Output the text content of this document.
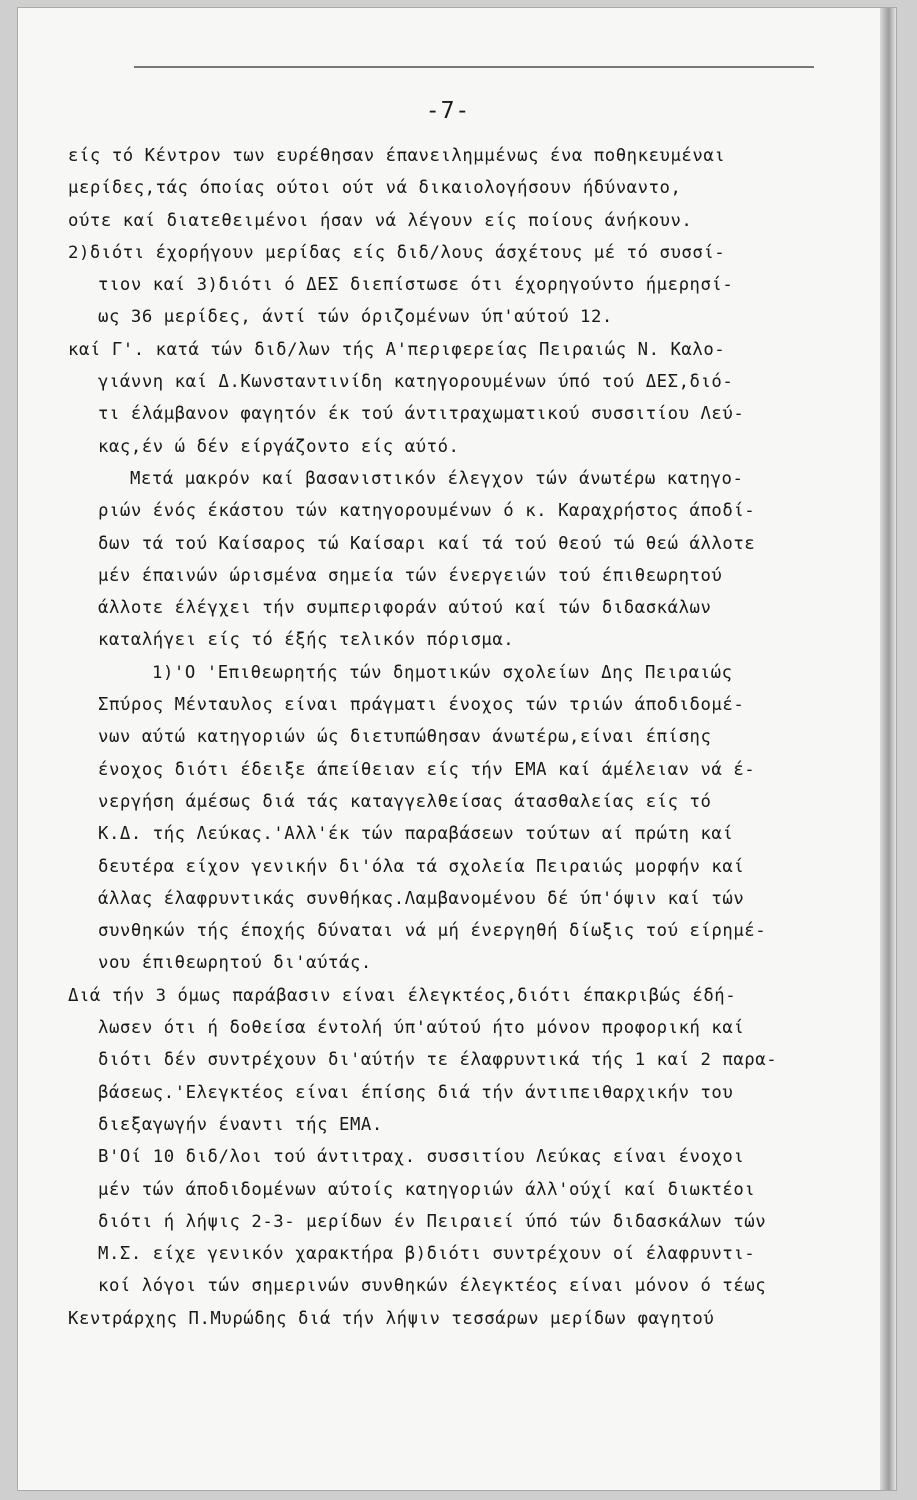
-7-
είς τό Κέντρον των ευρέθησαν έπανειλημμένως ένα ποθηκευμέναι
μερίδες,τάς όποίας ούτοι ούτ νά δικαιολογήσουν ήδύναντο,
ούτε καί διατεθειμένοι ήσαν νά λέγουν είς ποίους άνήκουν.
2)διότι έχορήγουν μερίδας είς διδ/λους άσχέτους μέ τό συσσί-
τιον καί 3)διότι ό ΔΕΣ διεπίστωσε ότι έχορηγούντο ήμερησί-
ως 36 μερίδες, άντί τών όριζομένων ύπ'αύτού 12.
καί Γ'. κατά τών διδ/λων τής Α'περιφερείας Πειραιώς Ν. Καλο-
γιάννη καί Δ.Κωνσταντινίδη κατηγορουμένων ύπό τού ΔΕΣ,διό-
τι έλάμβανον φαγητόν έκ τού άντιτραχωματικού συσσιτίου Λεύ-
κας,έν ώ δέν είργάζοντο είς αύτό.
Μετά μακρόν καί βασανιστικόν έλεγχον τών άνωτέρω κατηγο-
ριών ένός έκάστου τών κατηγορουμένων ό κ. Καραχρήστος άποδί-
δων τά τού Καίσαρος τώ Καίσαρι καί τά τού θεού τώ θεώ άλλοτε
μέν έπαινών ώρισμένα σημεία τών ένεργειών τού έπιθεωρητού
άλλοτε έλέγχει τήν συμπεριφοράν αύτού καί τών διδασκάλων
καταλήγει είς τό έξής τελικόν πόρισμα.
1)'Ο 'Επιθεωρητής τών δημοτικών σχολείων Δης Πειραιώς
Σπύρος Μένταυλος είναι πράγματι ένοχος τών τριών άποδιδομέ-
νων αύτώ κατηγοριών ώς διετυπώθησαν άνωτέρω,είναι έπίσης
ένοχος διότι έδειξε άπείθειαν είς τήν ΕΜΑ καί άμέλειαν νά έ-
νεργήση άμέσως διά τάς καταγγελθείσας άτασθαλείας είς τό
Κ.Δ. τής Λεύκας.'Αλλ'έκ τών παραβάσεων τούτων αί πρώτη καί
δευτέρα είχον γενικήν δι'όλα τά σχολεία Πειραιώς μορφήν καί
άλλας έλαφρυντικάς συνθήκας.Λαμβανομένου δέ ύπ'όψιν καί τών
συνθηκών τής έποχής δύναται νά μή ένεργηθή δίωξις τού είρημέ-
νου έπιθεωρητού δι'αύτάς.
Διά τήν 3 όμως παράβασιν είναι έλεγκτέος,διότι έπακριβώς έδή-
λωσεν ότι ή δοθείσα έντολή ύπ'αύτού ήτο μόνον προφορική καί
διότι δέν συντρέχουν δι'αύτήν τε έλαφρυντικά τής 1 καί 2 παρα-
βάσεως.'Ελεγκτέος είναι έπίσης διά τήν άντιπειθαρχικήν του
διεξαγωγήν έναντι τής ΕΜΑ.
Β'Οί 10 διδ/λοι τού άντιτραχ. συσσιτίου Λεύκας είναι ένοχοι
μέν τών άποδιδομένων αύτοίς κατηγοριών άλλ'ούχί καί διωκτέοι
διότι ή λήψις 2-3- μερίδων έν Πειραιεί ύπό τών διδασκάλων τών
Μ.Σ. είχε γενικόν χαρακτήρα β)διότι συντρέχουν οί έλαφρυντι-
κοί λόγοι τών σημερινών συνθηκών έλεγκτέος είναι μόνον ό τέως
Κεντράρχης Π.Μυρώδης διά τήν λήψιν τεσσάρων μερίδων φαγητού
